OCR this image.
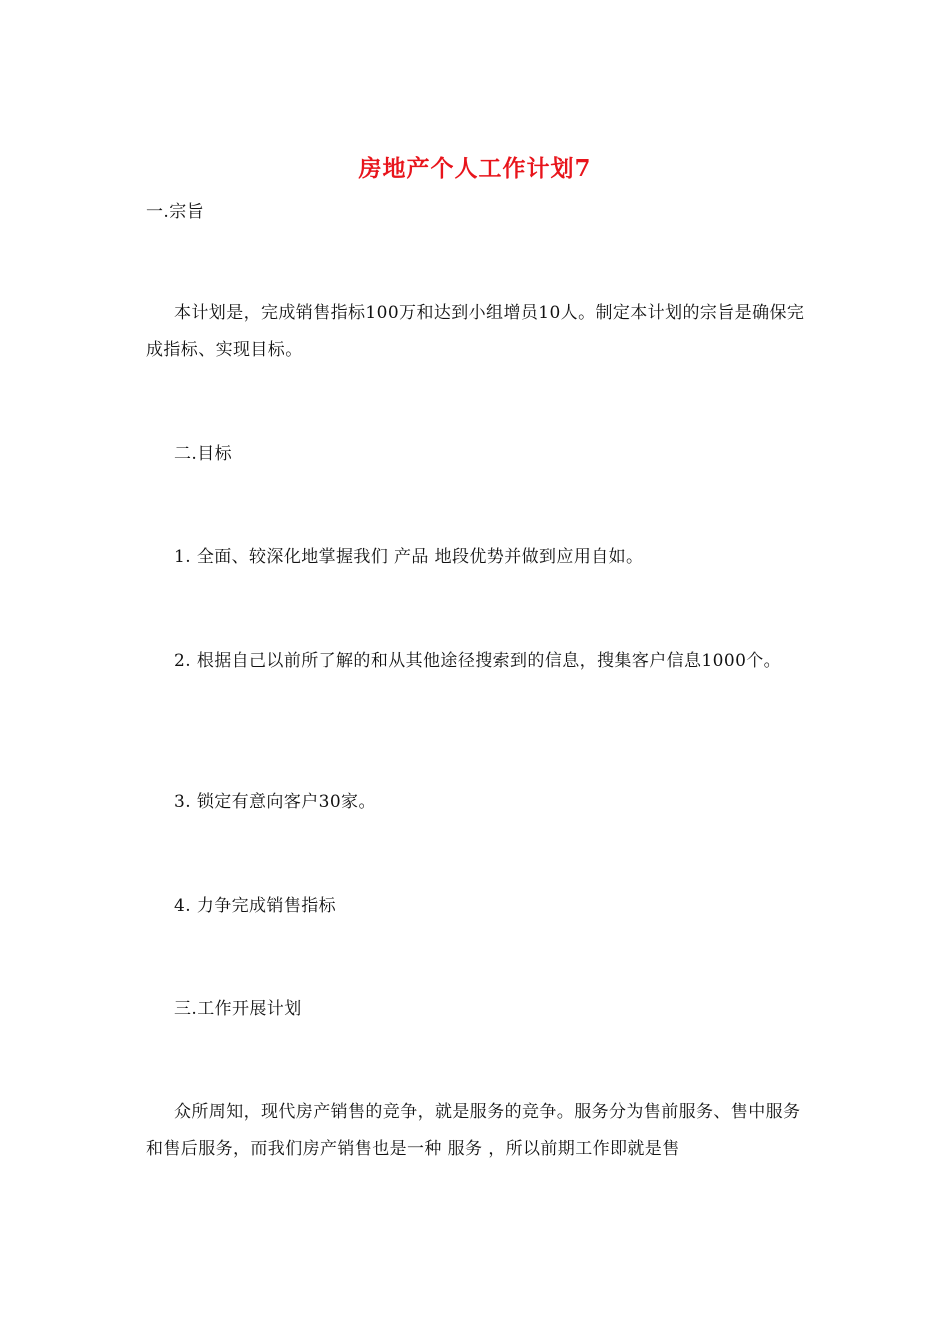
房地产个人工作计划7
一.宗旨
本计划是，完成销售指标100万和达到小组增员10人。制定本计划的宗旨是确保完成指标、实现目标。
二.目标
1. 全面、较深化地掌握我们 产品 地段优势并做到应用自如。
2. 根据自己以前所了解的和从其他途径搜索到的信息，搜集客户信息1000个。
3. 锁定有意向客户30家。
4. 力争完成销售指标
三.工作开展计划
众所周知，现代房产销售的竞争，就是服务的竞争。服务分为售前服务、售中服务和售后服务，而我们房产销售也是一种 服务 ，所以前期工作即就是售
